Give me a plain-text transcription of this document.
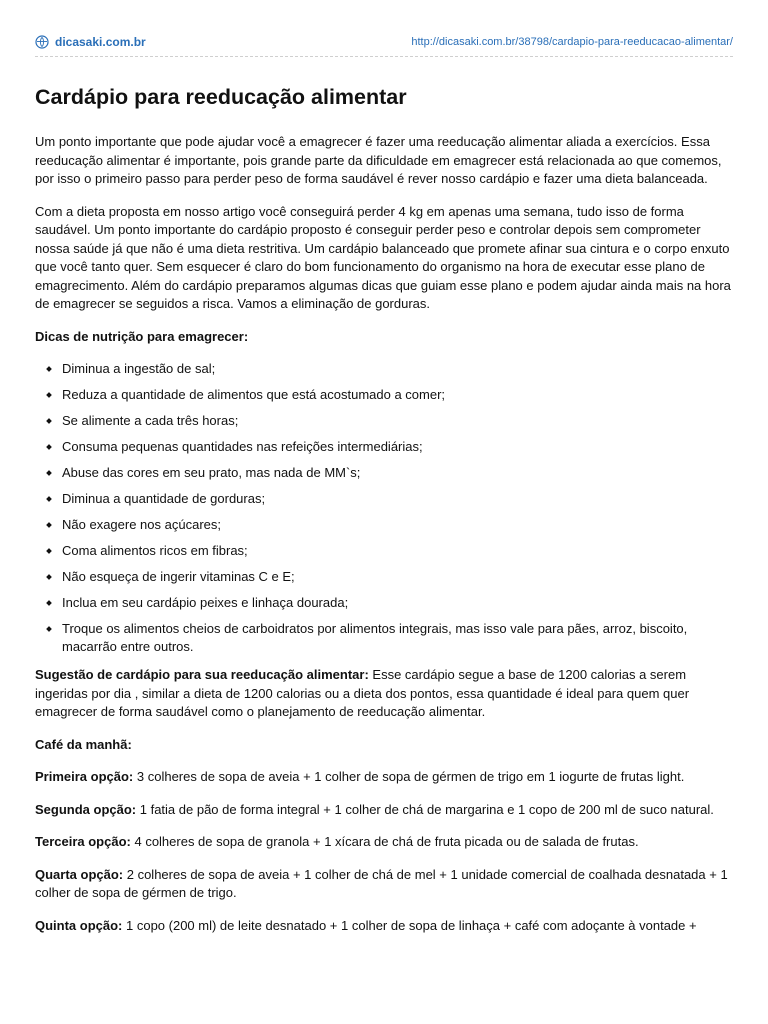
dicasaki.com.br	http://dicasaki.com.br/38798/cardapio-para-reeducacao-alimentar/
Cardápio para reeducação alimentar

Um ponto importante que pode ajudar você a emagrecer é fazer uma reeducação alimentar aliada a exercícios. Essa reeducação alimentar é importante, pois grande parte da dificuldade em emagrecer está relacionada ao que comemos, por isso o primeiro passo para perder peso de forma saudável é rever nosso cardápio e fazer uma dieta balanceada.

Com a dieta proposta em nosso artigo você conseguirá perder 4 kg em apenas uma semana, tudo isso de forma saudável. Um ponto importante do cardápio proposto é conseguir perder peso e controlar depois sem comprometer nossa saúde já que não é uma dieta restritiva. Um cardápio balanceado que promete afinar sua cintura e o corpo enxuto que você tanto quer. Sem esquecer é claro do bom funcionamento do organismo na hora de executar esse plano de emagrecimento. Além do cardápio preparamos algumas dicas que guiam esse plano e podem ajudar ainda mais na hora de emagrecer se seguidos a risca. Vamos a eliminação de gorduras.

Dicas de nutrição para emagrecer:

Diminua a ingestão de sal;
Reduza a quantidade de alimentos que está acostumado a comer;
Se alimente a cada três horas;
Consuma pequenas quantidades nas refeições intermediárias;
Abuse das cores em seu prato, mas nada de MM`s;
Diminua a quantidade de gorduras;
Não exagere nos açúcares;
Coma alimentos ricos em fibras;
Não esqueça de ingerir vitaminas C e E;
Inclua em seu cardápio peixes e linhaça dourada;
Troque os alimentos cheios de carboidratos por alimentos integrais, mas isso vale para pães, arroz, biscoito, macarrão entre outros.

Sugestão de cardápio para sua reeducação alimentar: Esse cardápio segue a base de 1200 calorias a serem ingeridas por dia , similar a dieta de 1200 calorias ou a dieta dos pontos, essa quantidade é ideal para quem quer emagrecer de forma saudável como o planejamento de reeducação alimentar.

Café da manhã:

Primeira opção: 3 colheres de sopa de aveia + 1 colher de sopa de gérmen de trigo em 1 iogurte de frutas light.

Segunda opção: 1 fatia de pão de forma integral + 1 colher de chá de margarina e 1 copo de 200 ml de suco natural.

Terceira opção: 4 colheres de sopa de granola + 1 xícara de chá de fruta picada ou de salada de frutas.

Quarta opção: 2 colheres de sopa de aveia + 1 colher de chá de mel + 1 unidade comercial de coalhada desnatada + 1 colher de sopa de gérmen de trigo.

Quinta opção: 1 copo (200 ml) de leite desnatado + 1 colher de sopa de linhaça + café com adoçante à vontade +
